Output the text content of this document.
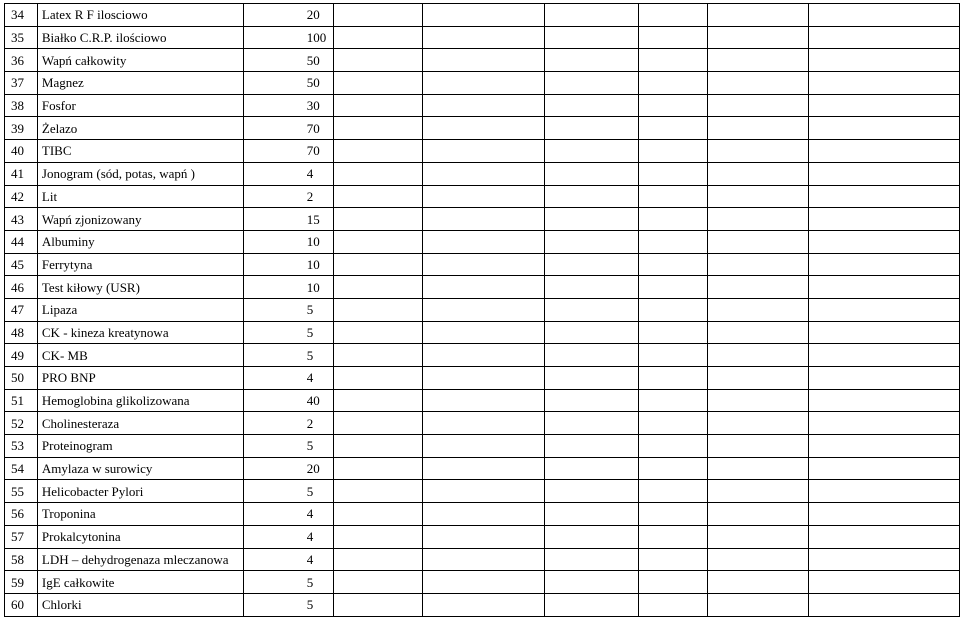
34	Latex R F ilosciowo	20						
35	Białko C.R.P. ilościowo	100						
36	Wapń całkowity	50						
37	Magnez	50						
38	Fosfor	30						
39	Żelazo	70						
40	TIBC	70						
41	Jonogram (sód, potas, wapń )	4						
42	Lit	2						
43	Wapń zjonizowany	15						
44	Albuminy	10						
45	Ferrytyna	10						
46	Test kiłowy (USR)	10						
47	Lipaza	5						
48	CK - kineza kreatynowa	5						
49	CK- MB	5						
50	PRO BNP	4						
51	Hemoglobina glikolizowana	40						
52	Cholinesteraza	2						
53	Proteinogram	5						
54	Amylaza w surowicy	20						
55	Helicobacter Pylori	5						
56	Troponina	4						
57	Prokalcytonina	4						
58	LDH – dehydrogenaza mleczanowa	4						
59	IgE całkowite	5						
60	Chlorki	5						
